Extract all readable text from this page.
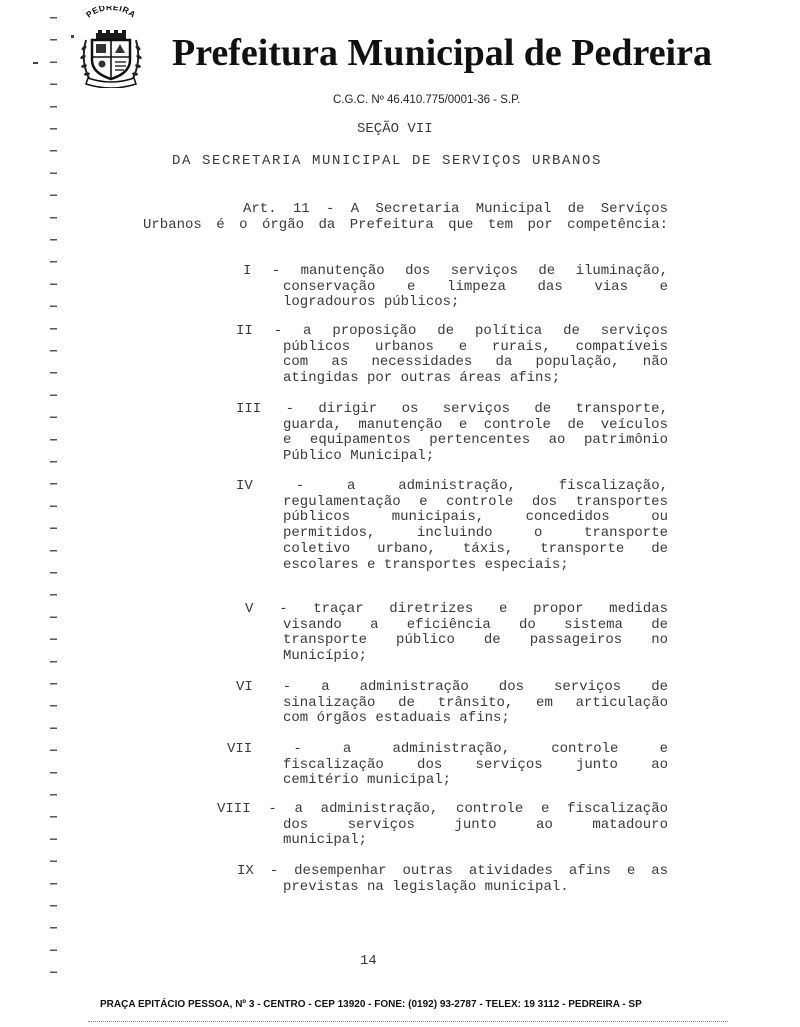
PEDREIRA
Prefeitura Municipal de Pedreira
C.G.C. Nº 46.410.775/0001-36 - S.P.
SEÇÃO VII
DA SECRETARIA MUNICIPAL DE SERVIÇOS URBANOS
Art. 11 - A Secretaria Municipal de Serviços
Urbanos é o órgão da Prefeitura que tem por competência:
I - manutenção dos serviços de iluminação,
conservação e limpeza das vias e
logradouros públicos;
II - a proposição de política de serviços
públicos urbanos e rurais, compatíveis
com as necessidades da população, não
atingidas por outras áreas afins;
III - dirigir os serviços de transporte,
guarda, manutenção e controle de veículos
e equipamentos pertencentes ao patrimônio
Público Municipal;
IV -	a administração, fiscalização,
regulamentação e controle dos transportes
públicos municipais, concedidos ou
permitidos, incluindo o transporte
coletivo urbano, táxis, transporte de
escolares e transportes especiais;
V - traçar diretrizes e propor medidas
visando a eficiência do sistema de
transporte público de passageiros no
Município;
VI - a administração dos serviços de
sinalização de trânsito, em articulação
com órgãos estaduais afins;
VII -	a administração, controle e
fiscalização dos serviços junto ao
cemitério municipal;
VIII - a administração, controle e fiscalização
dos serviços junto ao matadouro
municipal;
IX - desempenhar outras atividades afins e as
previstas na legislação municipal.
14
PRAÇA EPITÁCIO PESSOA, Nº 3 - CENTRO - CEP 13920 - FONE: (0192) 93-2787 - TELEX: 19 3112 - PEDREIRA - SP
